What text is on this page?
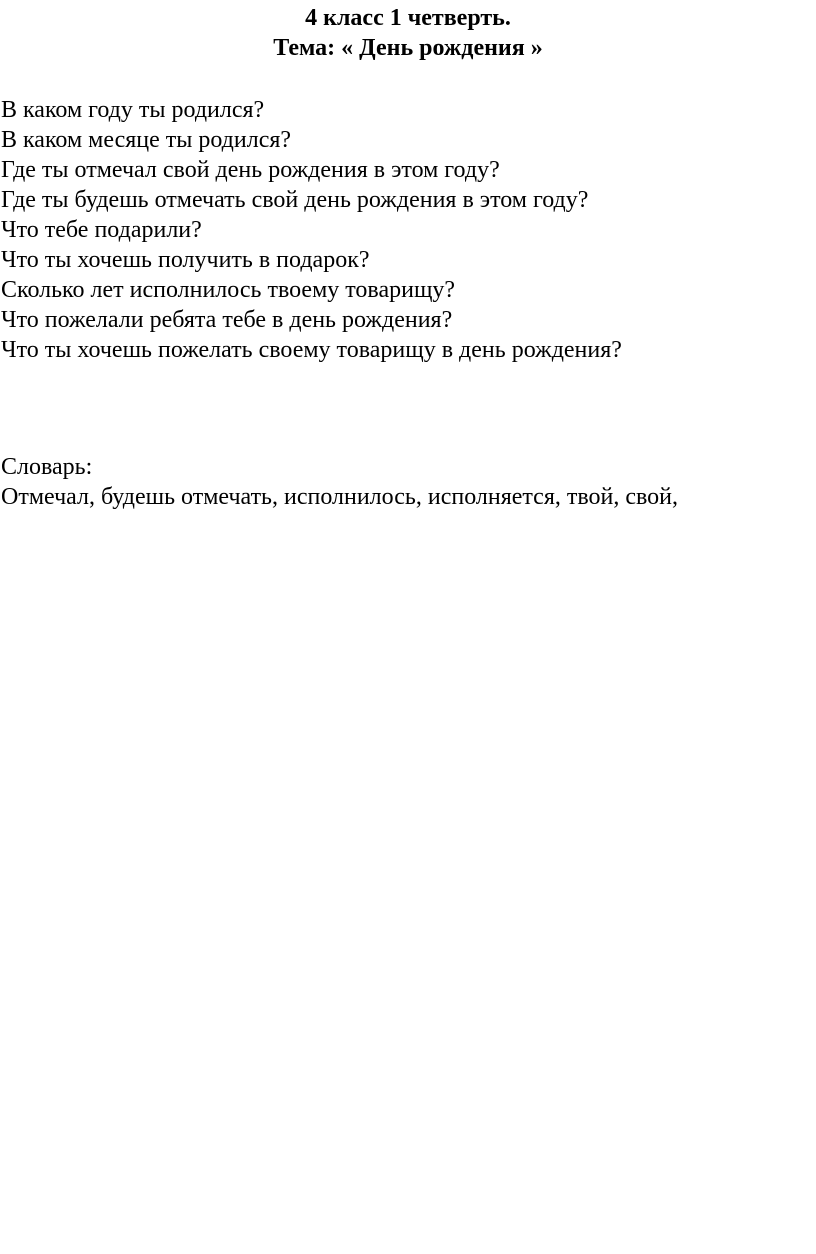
4 класс 1 четверть.
Тема: « День рождения »
В каком году ты родился?
В каком месяце ты родился?
Где ты отмечал свой день рождения в этом году?
Где ты будешь отмечать свой день рождения в этом году?
Что тебе подарили?
Что ты хочешь получить в подарок?
Сколько лет исполнилось твоему товарищу?
Что пожелали ребята тебе в день рождения?
Что ты хочешь пожелать своему товарищу в день рождения?
Словарь:
Отмечал, будешь отмечать, исполнилось, исполняется, твой, свой,
